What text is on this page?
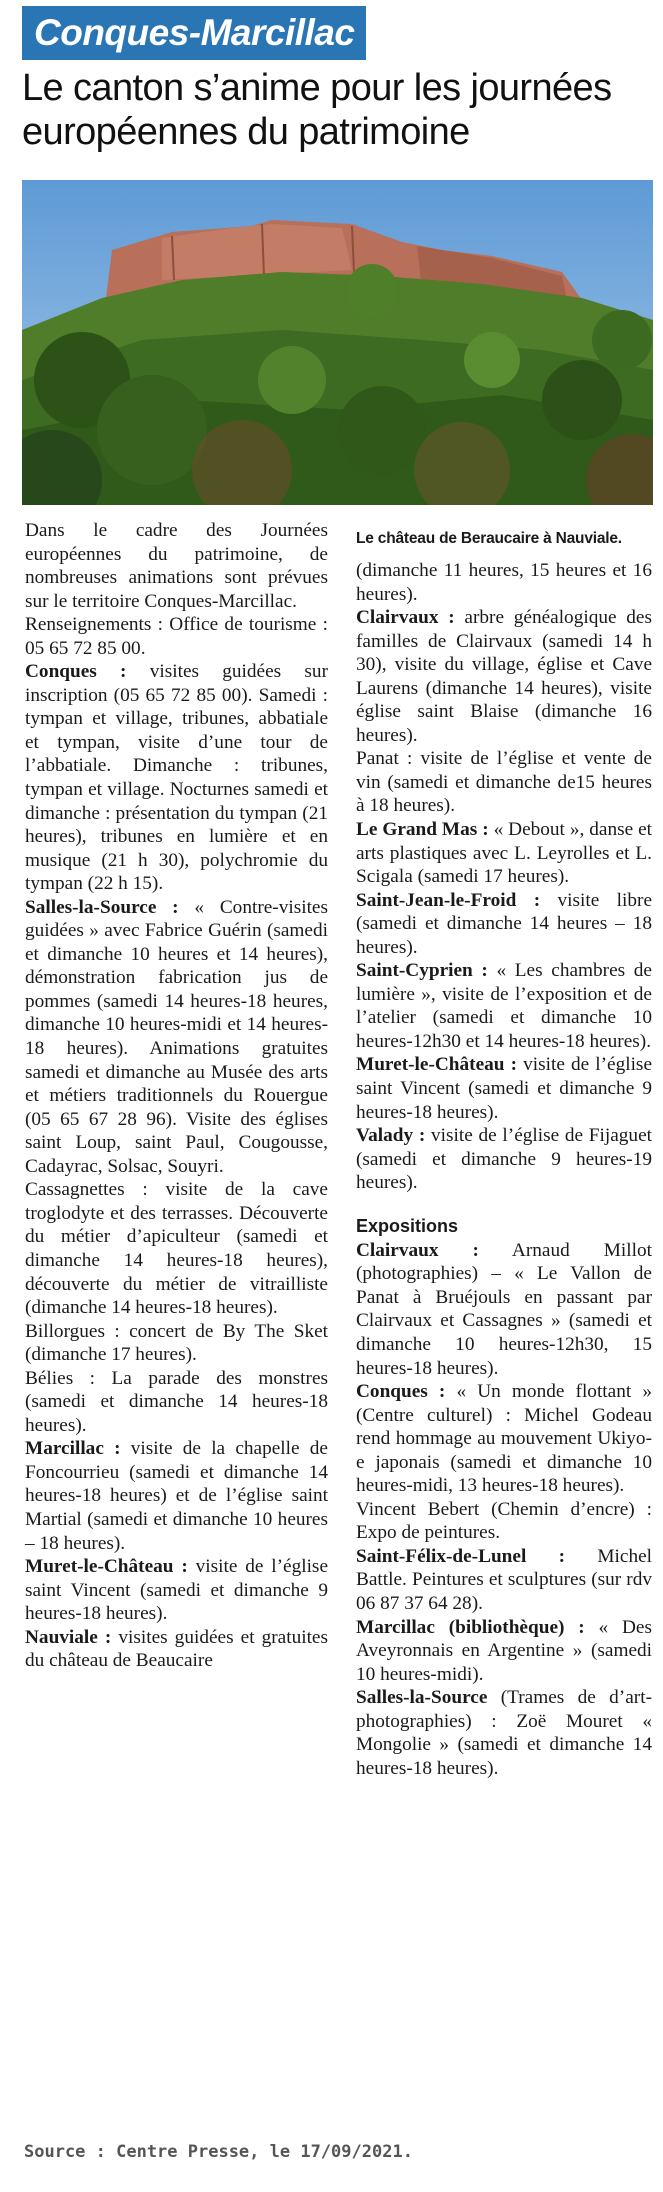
Conques-Marcillac
Le canton s’anime pour les journées européennes du patrimoine

Dans le cadre des Journées européennes du patrimoine, de nombreuses animations sont prévues sur le territoire Conques-Marcillac.

Renseignements : Office de tourisme : 05 65 72 85 00.

Conques : visites guidées sur inscription (05 65 72 85 00). Samedi : tympan et village, tribunes, abbatiale et tympan, visite d’une tour de l’abbatiale. Dimanche : tribunes, tympan et village. Nocturnes samedi et dimanche : présentation du tympan (21 heures), tribunes en lumière et en musique (21 h 30), polychromie du tympan (22 h 15).

Salles-la-Source : « Contre-visites guidées » avec Fabrice Guérin (samedi et dimanche 10 heures et 14 heures), démonstration fabrication jus de pommes (samedi 14 heures-18 heures, dimanche 10 heures-midi et 14 heures-18 heures). Animations gratuites samedi et dimanche au Musée des arts et métiers traditionnels du Rouergue (05 65 67 28 96). Visite des églises saint Loup, saint Paul, Cougousse, Cadayrac, Solsac, Souyri.

Cassagnettes : visite de la cave troglodyte et des terrasses. Découverte du métier d’apiculteur (samedi et dimanche 14 heures-18 heures), découverte du métier de vitrailliste (dimanche 14 heures-18 heures).

Billorgues : concert de By The Sket (dimanche 17 heures).

Bélies : La parade des monstres (samedi et dimanche 14 heures-18 heures).

Marcillac : visite de la chapelle de Foncourrieu (samedi et dimanche 14 heures-18 heures) et de l’église saint Martial (samedi et dimanche 10 heures – 18 heures).

Muret-le-Château : visite de l’église saint Vincent (samedi et dimanche 9 heures-18 heures).

Nauviale : visites guidées et gratuites du château de Beaucaire

Le château de Beraucaire à Nauviale.

(dimanche 11 heures, 15 heures et 16 heures).

Clairvaux : arbre généalogique des familles de Clairvaux (samedi 14 h 30), visite du village, église et Cave Laurens (dimanche 14 heures), visite église saint Blaise (dimanche 16 heures).

Panat : visite de l’église et vente de vin (samedi et dimanche de15 heures à 18 heures).

Le Grand Mas : « Debout », danse et arts plastiques avec L. Leyrolles et L. Scigala (samedi 17 heures).

Saint-Jean-le-Froid : visite libre (samedi et dimanche 14 heures – 18 heures).

Saint-Cyprien : « Les chambres de lumière », visite de l’exposition et de l’atelier (samedi et dimanche 10 heures-12h30 et 14 heures-18 heures).

Muret-le-Château : visite de l’église saint Vincent (samedi et dimanche 9 heures-18 heures).

Valady : visite de l’église de Fijaguet (samedi et dimanche 9 heures-19 heures).

Expositions

Clairvaux : Arnaud Millot (photographies) – « Le Vallon de Panat à Bruéjouls en passant par Clairvaux et Cassagnes » (samedi et dimanche 10 heures-12h30, 15 heures-18 heures).

Conques : « Un monde flottant » (Centre culturel) : Michel Godeau rend hommage au mouvement Ukiyo-e japonais (samedi et dimanche 10 heures-midi, 13 heures-18 heures).

Vincent Bebert (Chemin d’encre) : Expo de peintures.

Saint-Félix-de-Lunel : Michel Battle. Peintures et sculptures (sur rdv 06 87 37 64 28).

Marcillac (bibliothèque) : « Des Aveyronnais en Argentine » (samedi 10 heures-midi).

Salles-la-Source (Trames de d’art-photographies) : Zoë Mouret « Mongolie » (samedi et dimanche 14 heures-18 heures).

Source : Centre Presse, le 17/09/2021.
